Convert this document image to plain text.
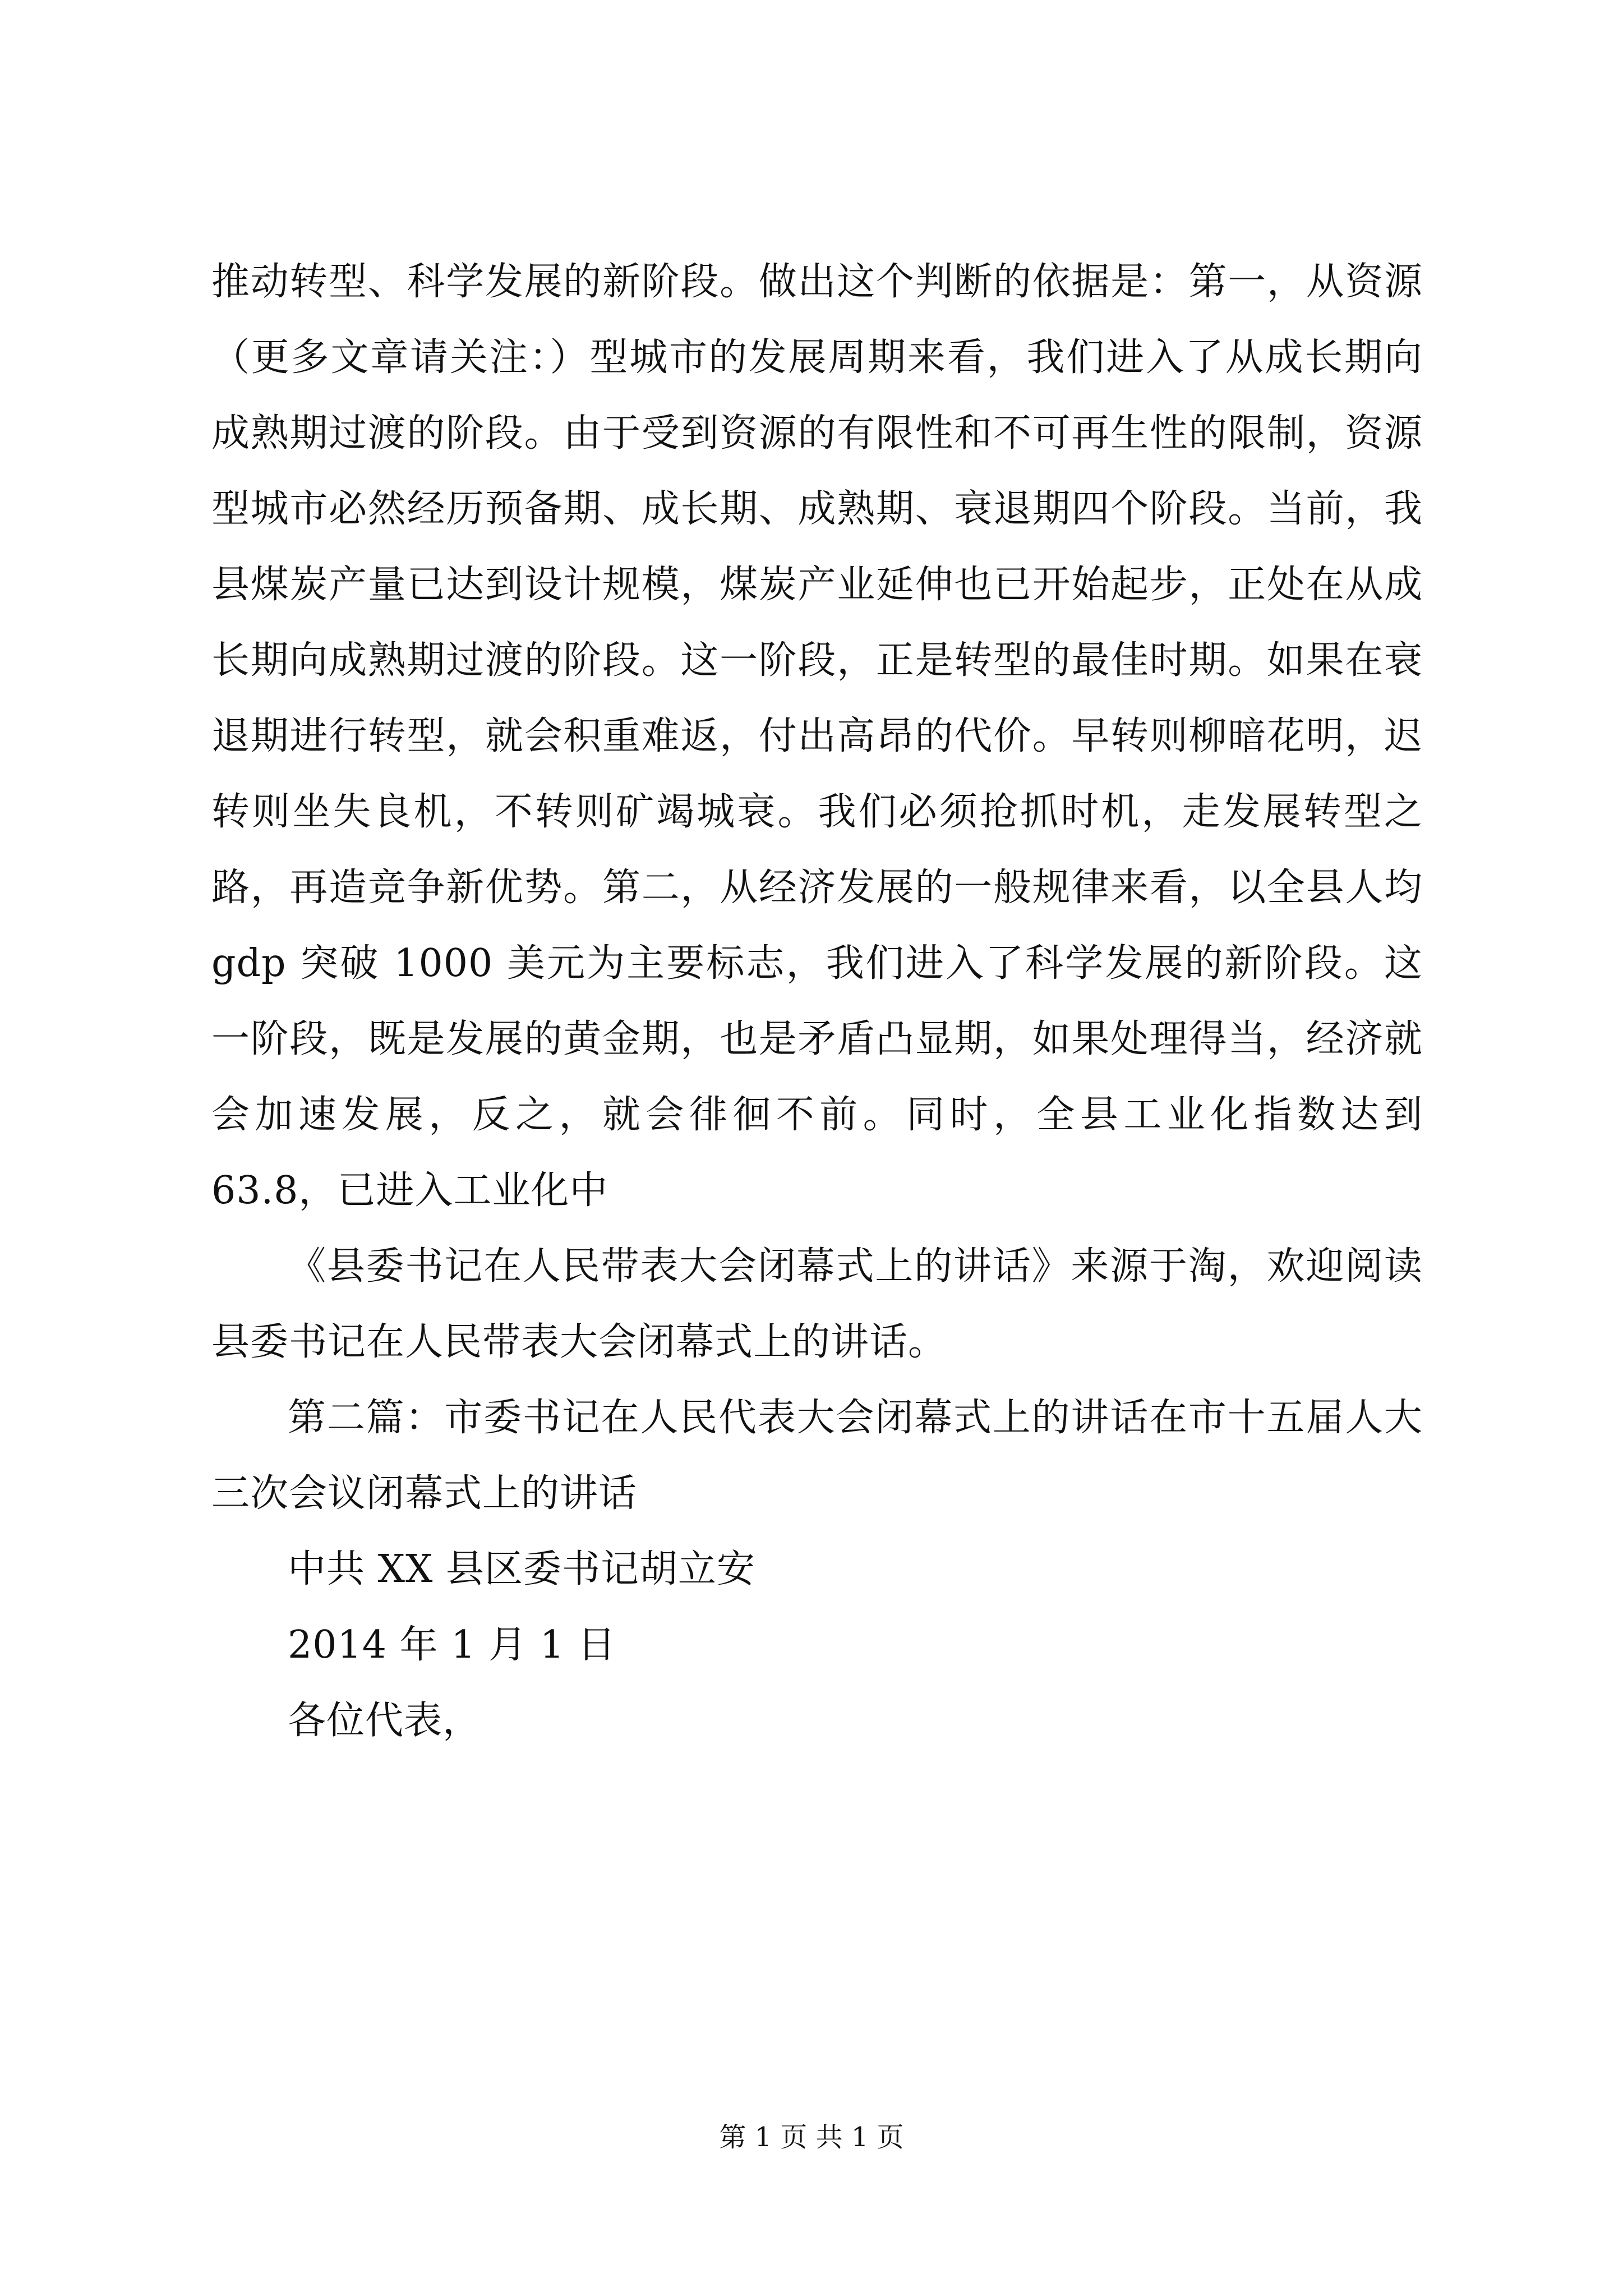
推动转型、科学发展的新阶段。做出这个判断的依据是：第一，从资源（更多文章请关注：）型城市的发展周期来看，我们进入了从成长期向成熟期过渡的阶段。由于受到资源的有限性和不可再生性的限制，资源型城市必然经历预备期、成长期、成熟期、衰退期四个阶段。当前，我县煤炭产量已达到设计规模，煤炭产业延伸也已开始起步，正处在从成长期向成熟期过渡的阶段。这一阶段，正是转型的最佳时期。如果在衰退期进行转型，就会积重难返，付出高昂的代价。早转则柳暗花明，迟转则坐失良机，不转则矿竭城衰。我们必须抢抓时机，走发展转型之路，再造竞争新优势。第二，从经济发展的一般规律来看，以全县人均 gdp 突破 1000 美元为主要标志，我们进入了科学发展的新阶段。这一阶段，既是发展的黄金期，也是矛盾凸显期，如果处理得当，经济就会加速发展，反之，就会徘徊不前。同时，全县工业化指数达到 63.8，已进入工业化中

《县委书记在人民带表大会闭幕式上的讲话》来源于淘，欢迎阅读县委书记在人民带表大会闭幕式上的讲话。

第二篇：市委书记在人民代表大会闭幕式上的讲话在市十五届人大三次会议闭幕式上的讲话

中共 XX 县区委书记胡立安

2014 年 1 月 1 日

各位代表，

第 1 页 共 1 页
